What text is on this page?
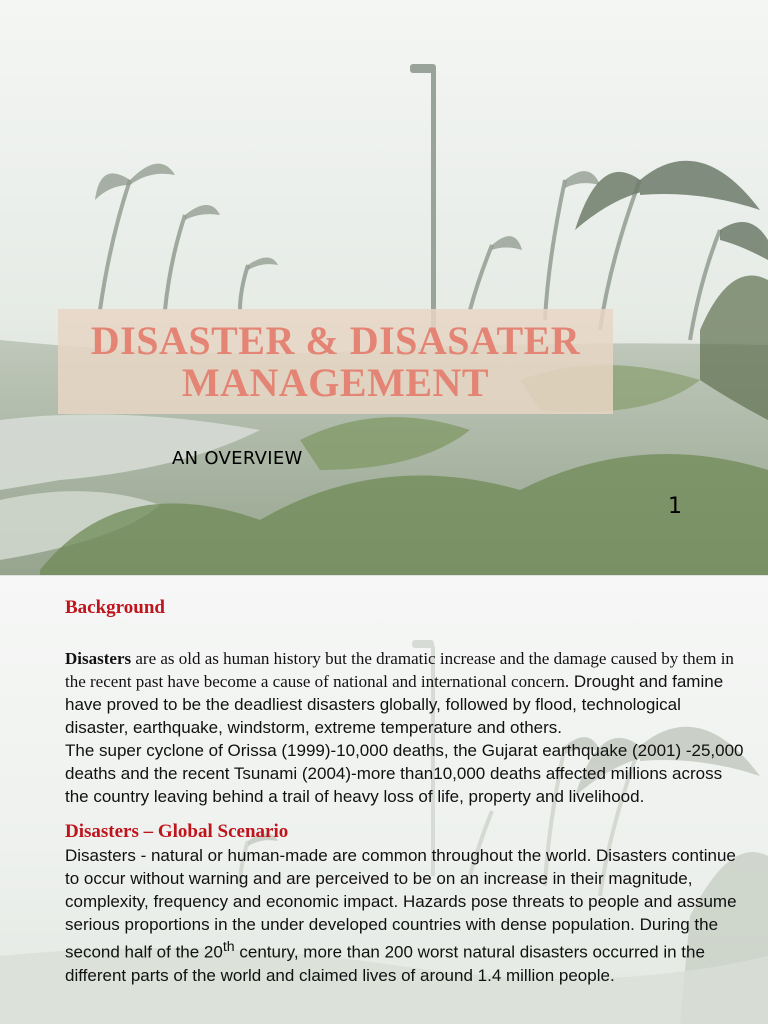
DISASTER & DISASATER
MANAGEMENT
AN OVERVIEW
1
Background

Disasters are as old as human history but the dramatic increase and the damage caused by them in the recent past have become a cause of national and international concern. Drought and famine have proved to be the deadliest disasters globally, followed by flood, technological disaster, earthquake, windstorm, extreme temperature and others.

The super cyclone of Orissa (1999)-10,000 deaths, the Gujarat earthquake (2001) -25,000 deaths and the recent Tsunami (2004)-more than10,000 deaths affected millions across the country leaving behind a trail of heavy loss of life, property and livelihood.

Disasters – Global Scenario

Disasters - natural or human-made are common throughout the world. Disasters continue to occur without warning and are perceived to be on an increase in their magnitude, complexity, frequency and economic impact. Hazards pose threats to people and assume serious proportions in the under developed countries with dense population. During the second half of the 20th century, more than 200 worst natural disasters occurred in the different parts of the world and claimed lives of around 1.4 million people.
